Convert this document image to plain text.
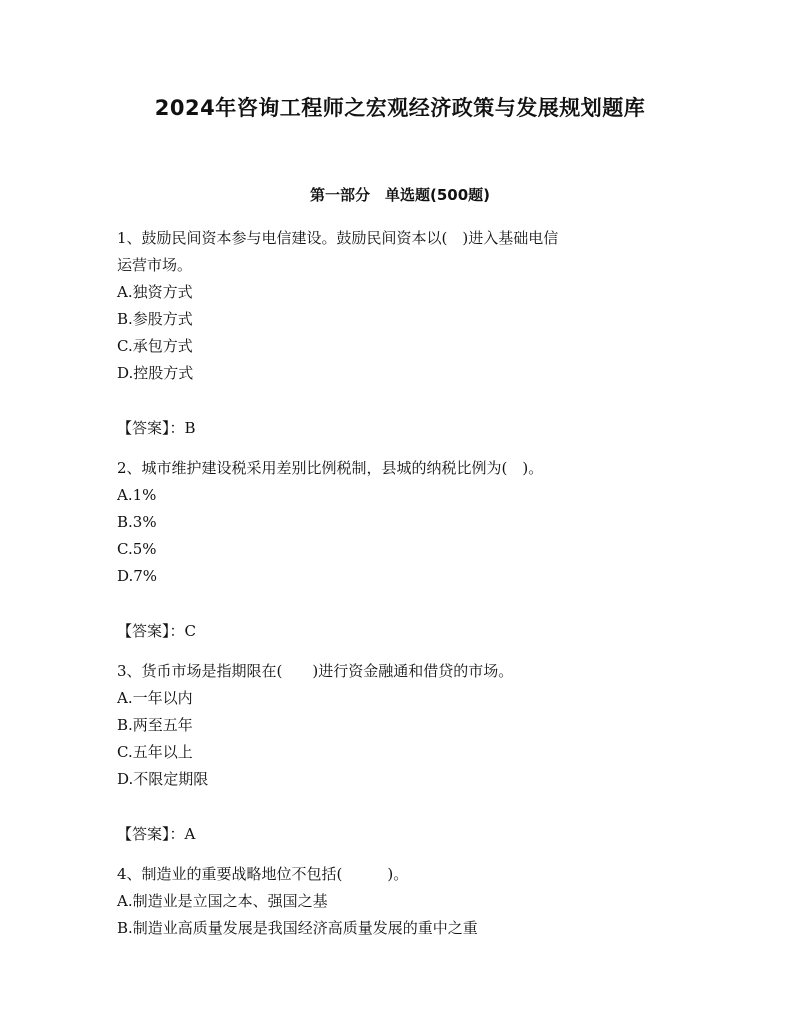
2024年咨询工程师之宏观经济政策与发展规划题库
第一部分　单选题(500题)
1、鼓励民间资本参与电信建设。鼓励民间资本以(　)进入基础电信
运营市场。
A.独资方式
B.参股方式
C.承包方式
D.控股方式
【答案】：B
2、城市维护建设税采用差别比例税制，县城的纳税比例为(　)。
A.1%
B.3%
C.5%
D.7%
【答案】：C
3、货币市场是指期限在(　　)进行资金融通和借贷的市场。
A.一年以内
B.两至五年
C.五年以上
D.不限定期限
【答案】：A
4、制造业的重要战略地位不包括(　　　)。
A.制造业是立国之本、强国之基
B.制造业高质量发展是我国经济高质量发展的重中之重
